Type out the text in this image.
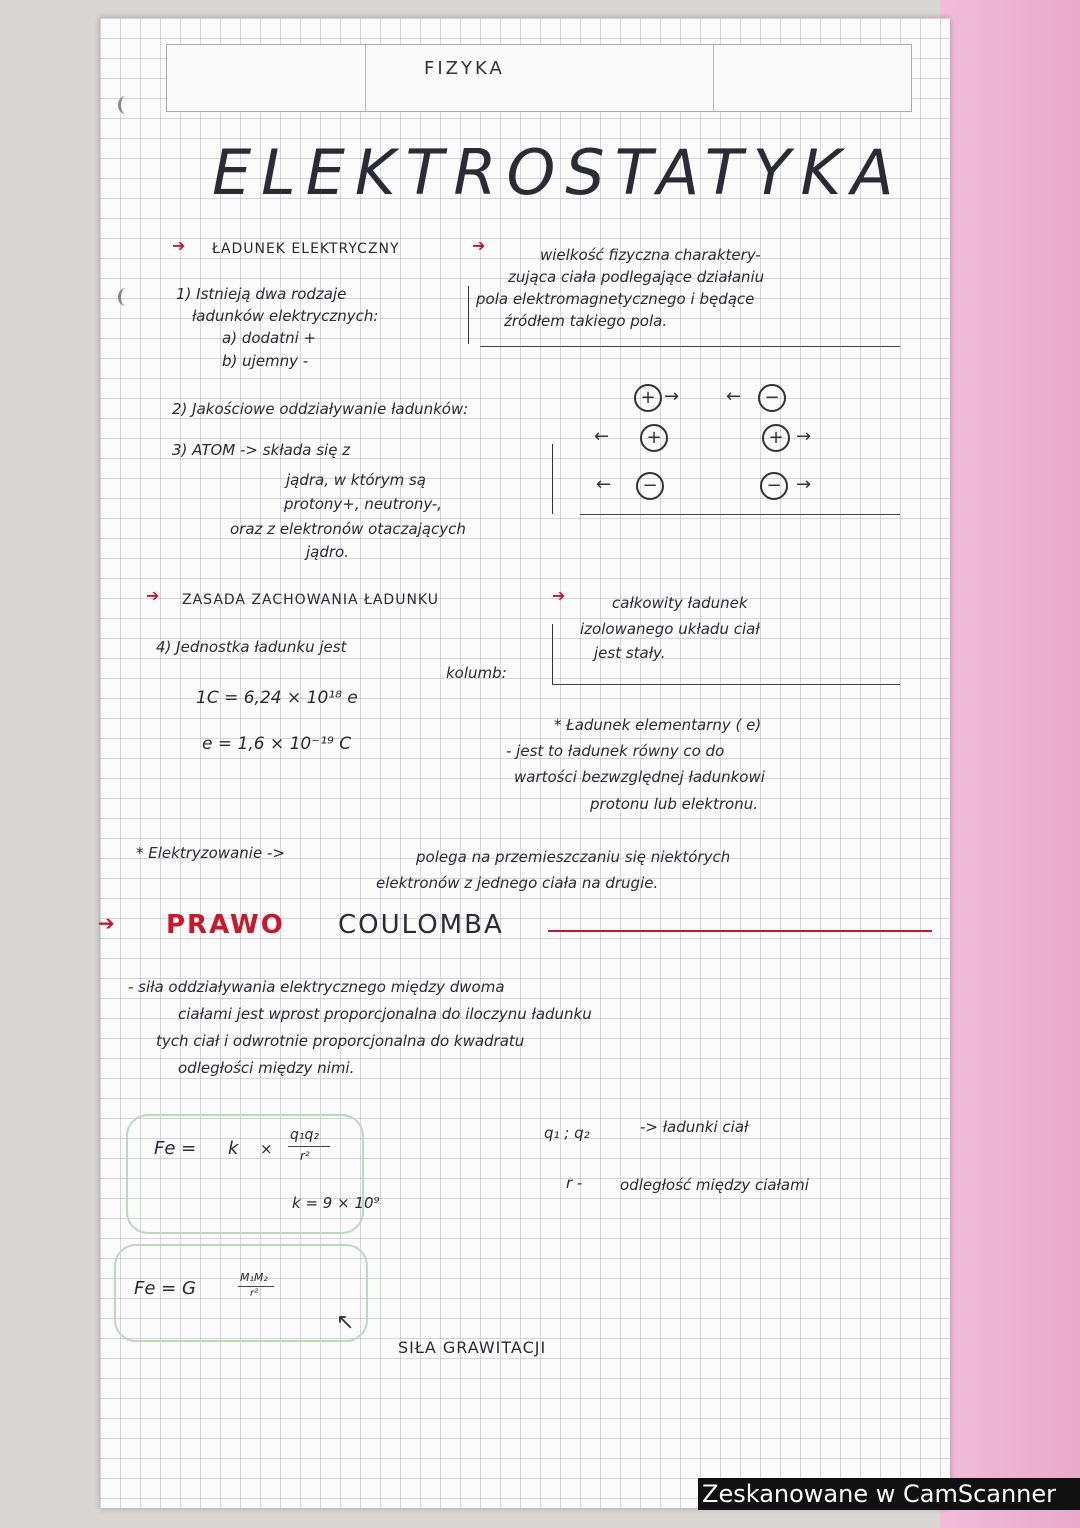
FIZYKA
ELEKTROSTATYKA
➔ ŁADUNEK ELEKTRYCZNY	➔	wielkość fizyczna charaktery-
zująca ciała podlegające działaniu
pola elektromagnetycznego i będące
źródłem takiego pola.
1) Istnieją dwa rodzaje
ładunków elektrycznych:
a) dodatni +
b) ujemny -
2) Jakościowe oddziaływanie ładunków:
+ →	←	−
←	+	+ →
←	−	− →
3) ATOM -> składa się z
jądra, w którym są
protony+, neutrony-,
oraz z elektronów otaczających
jądro.
➔ ZASADA ZACHOWANIA ŁADUNKU	➔	całkowity ładunek
izolowanego układu ciał
jest stały.
4) Jednostka ładunku jest
kolumb:
1C = 6,24 × 10¹⁸ e
e = 1,6 × 10⁻¹⁹ C
* Ładunek elementarny ( e)
- jest to ładunek równy co do
wartości bezwzględnej ładunkowi
protonu lub elektronu.
* Elektryzowanie ->	polega na przemieszczaniu się niektórych
elektronów z jednego ciała na drugie.
➔ PRAWO COULOMBA
- siła oddziaływania elektrycznego między dwoma
ciałami jest wprost proporcjonalna do iloczynu ładunku
tych ciał i odwrotnie proporcjonalna do kwadratu
odległości między nimi.
Fe = k ×
q₁q₂
r²
k = 9 × 10⁹
q₁ ; q₂	-> ładunki ciał
r -	odległość między ciałami
Fe = G
M₁M₂
r²
↖
SIŁA GRAWITACJI
Zeskanowane w CamScanner
